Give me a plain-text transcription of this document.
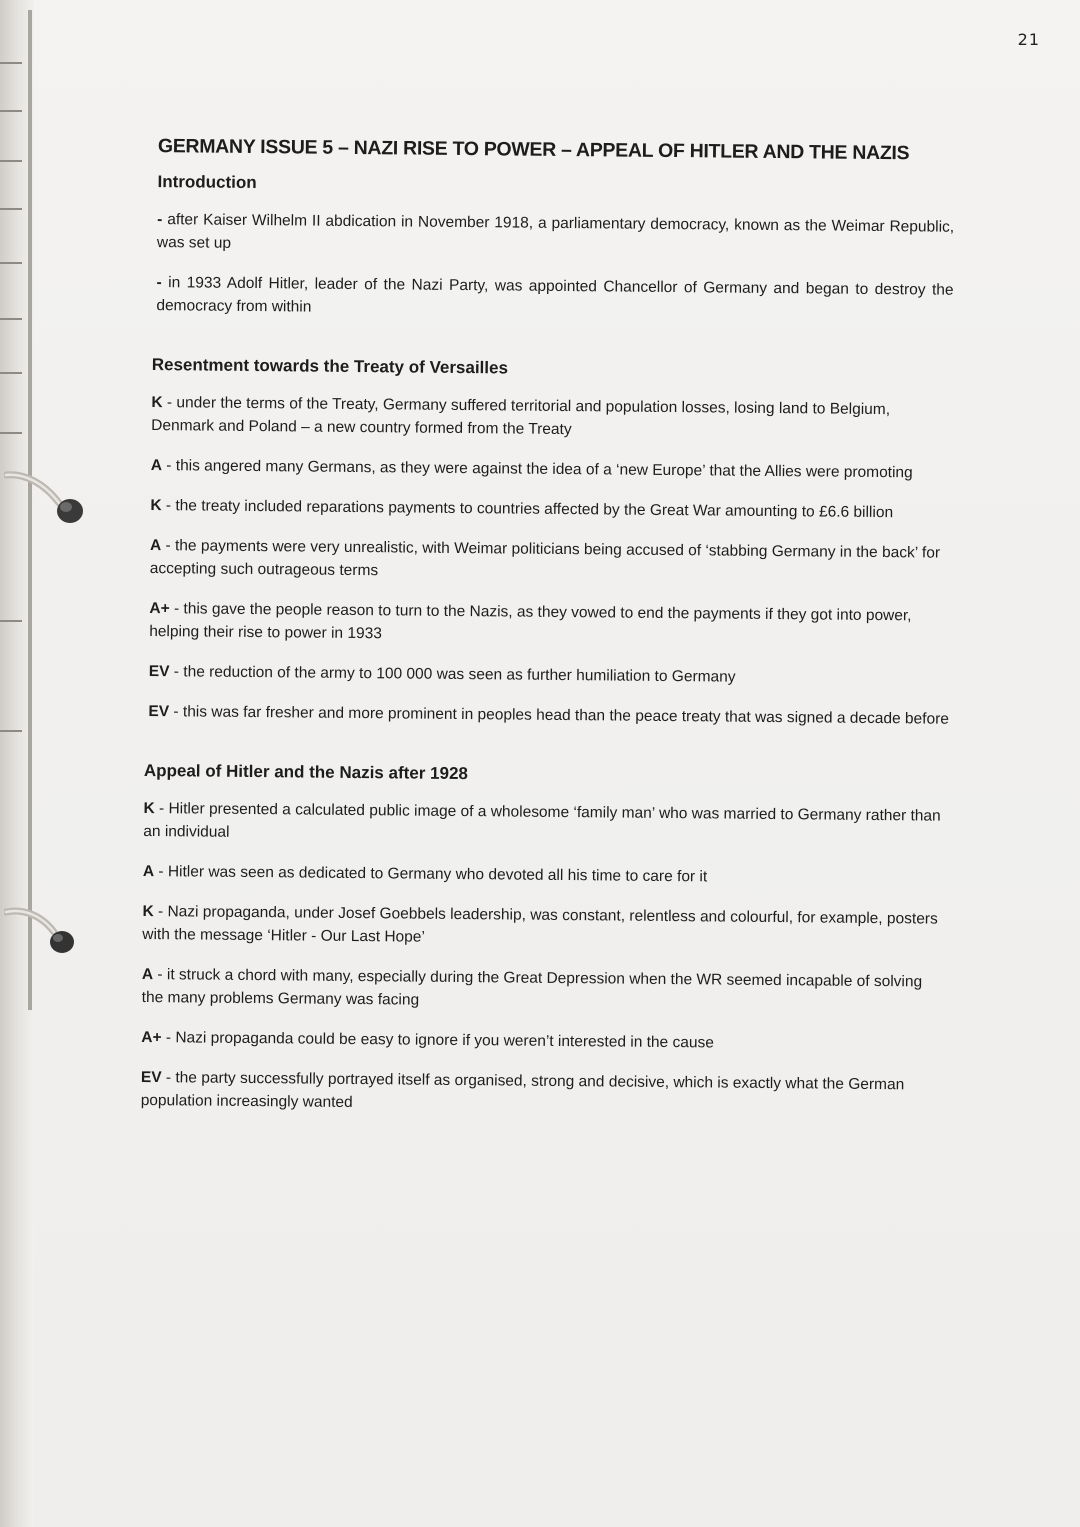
21
GERMANY ISSUE 5 – NAZI RISE TO POWER – APPEAL OF HITLER AND THE NAZIS
Introduction

- after Kaiser Wilhelm II abdication in November 1918, a parliamentary democracy, known as the Weimar Republic, was set up

- in 1933 Adolf Hitler, leader of the Nazi Party, was appointed Chancellor of Germany and began to destroy the democracy from within

Resentment towards the Treaty of Versailles

K - under the terms of the Treaty, Germany suffered territorial and population losses, losing land to Belgium, Denmark and Poland – a new country formed from the Treaty

A - this angered many Germans, as they were against the idea of a ‘new Europe’ that the Allies were promoting

K - the treaty included reparations payments to countries affected by the Great War amounting to £6.6 billion

A - the payments were very unrealistic, with Weimar politicians being accused of ‘stabbing Germany in the back’ for accepting such outrageous terms

A+ - this gave the people reason to turn to the Nazis, as they vowed to end the payments if they got into power, helping their rise to power in 1933

EV - the reduction of the army to 100 000 was seen as further humiliation to Germany

EV - this was far fresher and more prominent in peoples head than the peace treaty that was signed a decade before

Appeal of Hitler and the Nazis after 1928

K - Hitler presented a calculated public image of a wholesome ‘family man’ who was married to Germany rather than an individual

A - Hitler was seen as dedicated to Germany who devoted all his time to care for it

K - Nazi propaganda, under Josef Goebbels leadership, was constant, relentless and colourful, for example, posters with the message ‘Hitler - Our Last Hope’

A - it struck a chord with many, especially during the Great Depression when the WR seemed incapable of solving the many problems Germany was facing

A+ - Nazi propaganda could be easy to ignore if you weren’t interested in the cause

EV - the party successfully portrayed itself as organised, strong and decisive, which is exactly what the German population increasingly wanted
